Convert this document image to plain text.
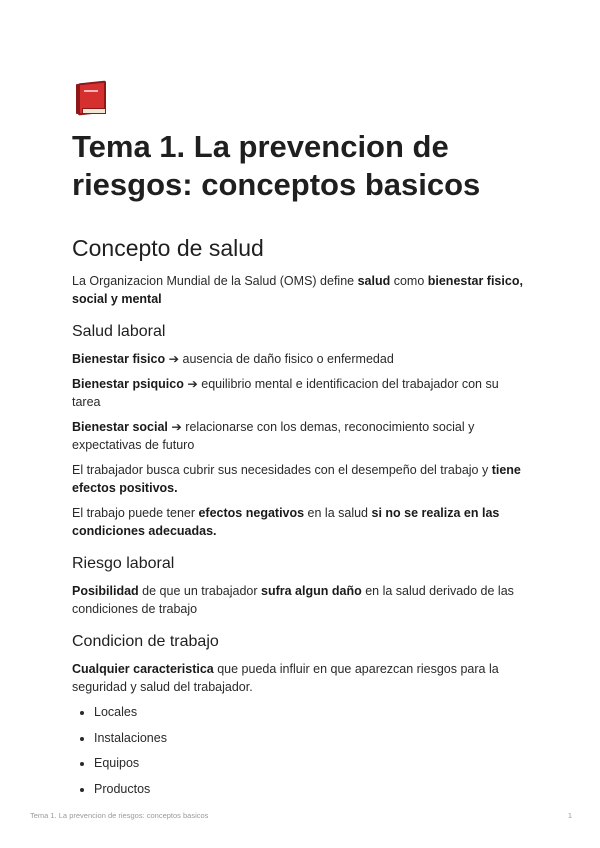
Tema 1. La prevencion de riesgos: conceptos basicos
Concepto de salud

La Organizacion Mundial de la Salud (OMS) define salud como bienestar fisico, social y mental

Salud laboral

Bienestar fisico ➔ ausencia de daño fisico o enfermedad

Bienestar psiquico ➔ equilibrio mental e identificacion del trabajador con su tarea

Bienestar social ➔ relacionarse con los demas, reconocimiento social y expectativas de futuro

El trabajador busca cubrir sus necesidades con el desempeño del trabajo y tiene efectos positivos.

El trabajo puede tener efectos negativos en la salud si no se realiza en las condiciones adecuadas.

Riesgo laboral

Posibilidad de que un trabajador sufra algun daño en la salud derivado de las condiciones de trabajo

Condicion de trabajo

Cualquier caracteristica que pueda influir en que aparezcan riesgos para la seguridad y salud del trabajador.

• Locales
• Instalaciones
• Equipos
• Productos
Tema 1. La prevencion de riesgos: conceptos basicos	1
